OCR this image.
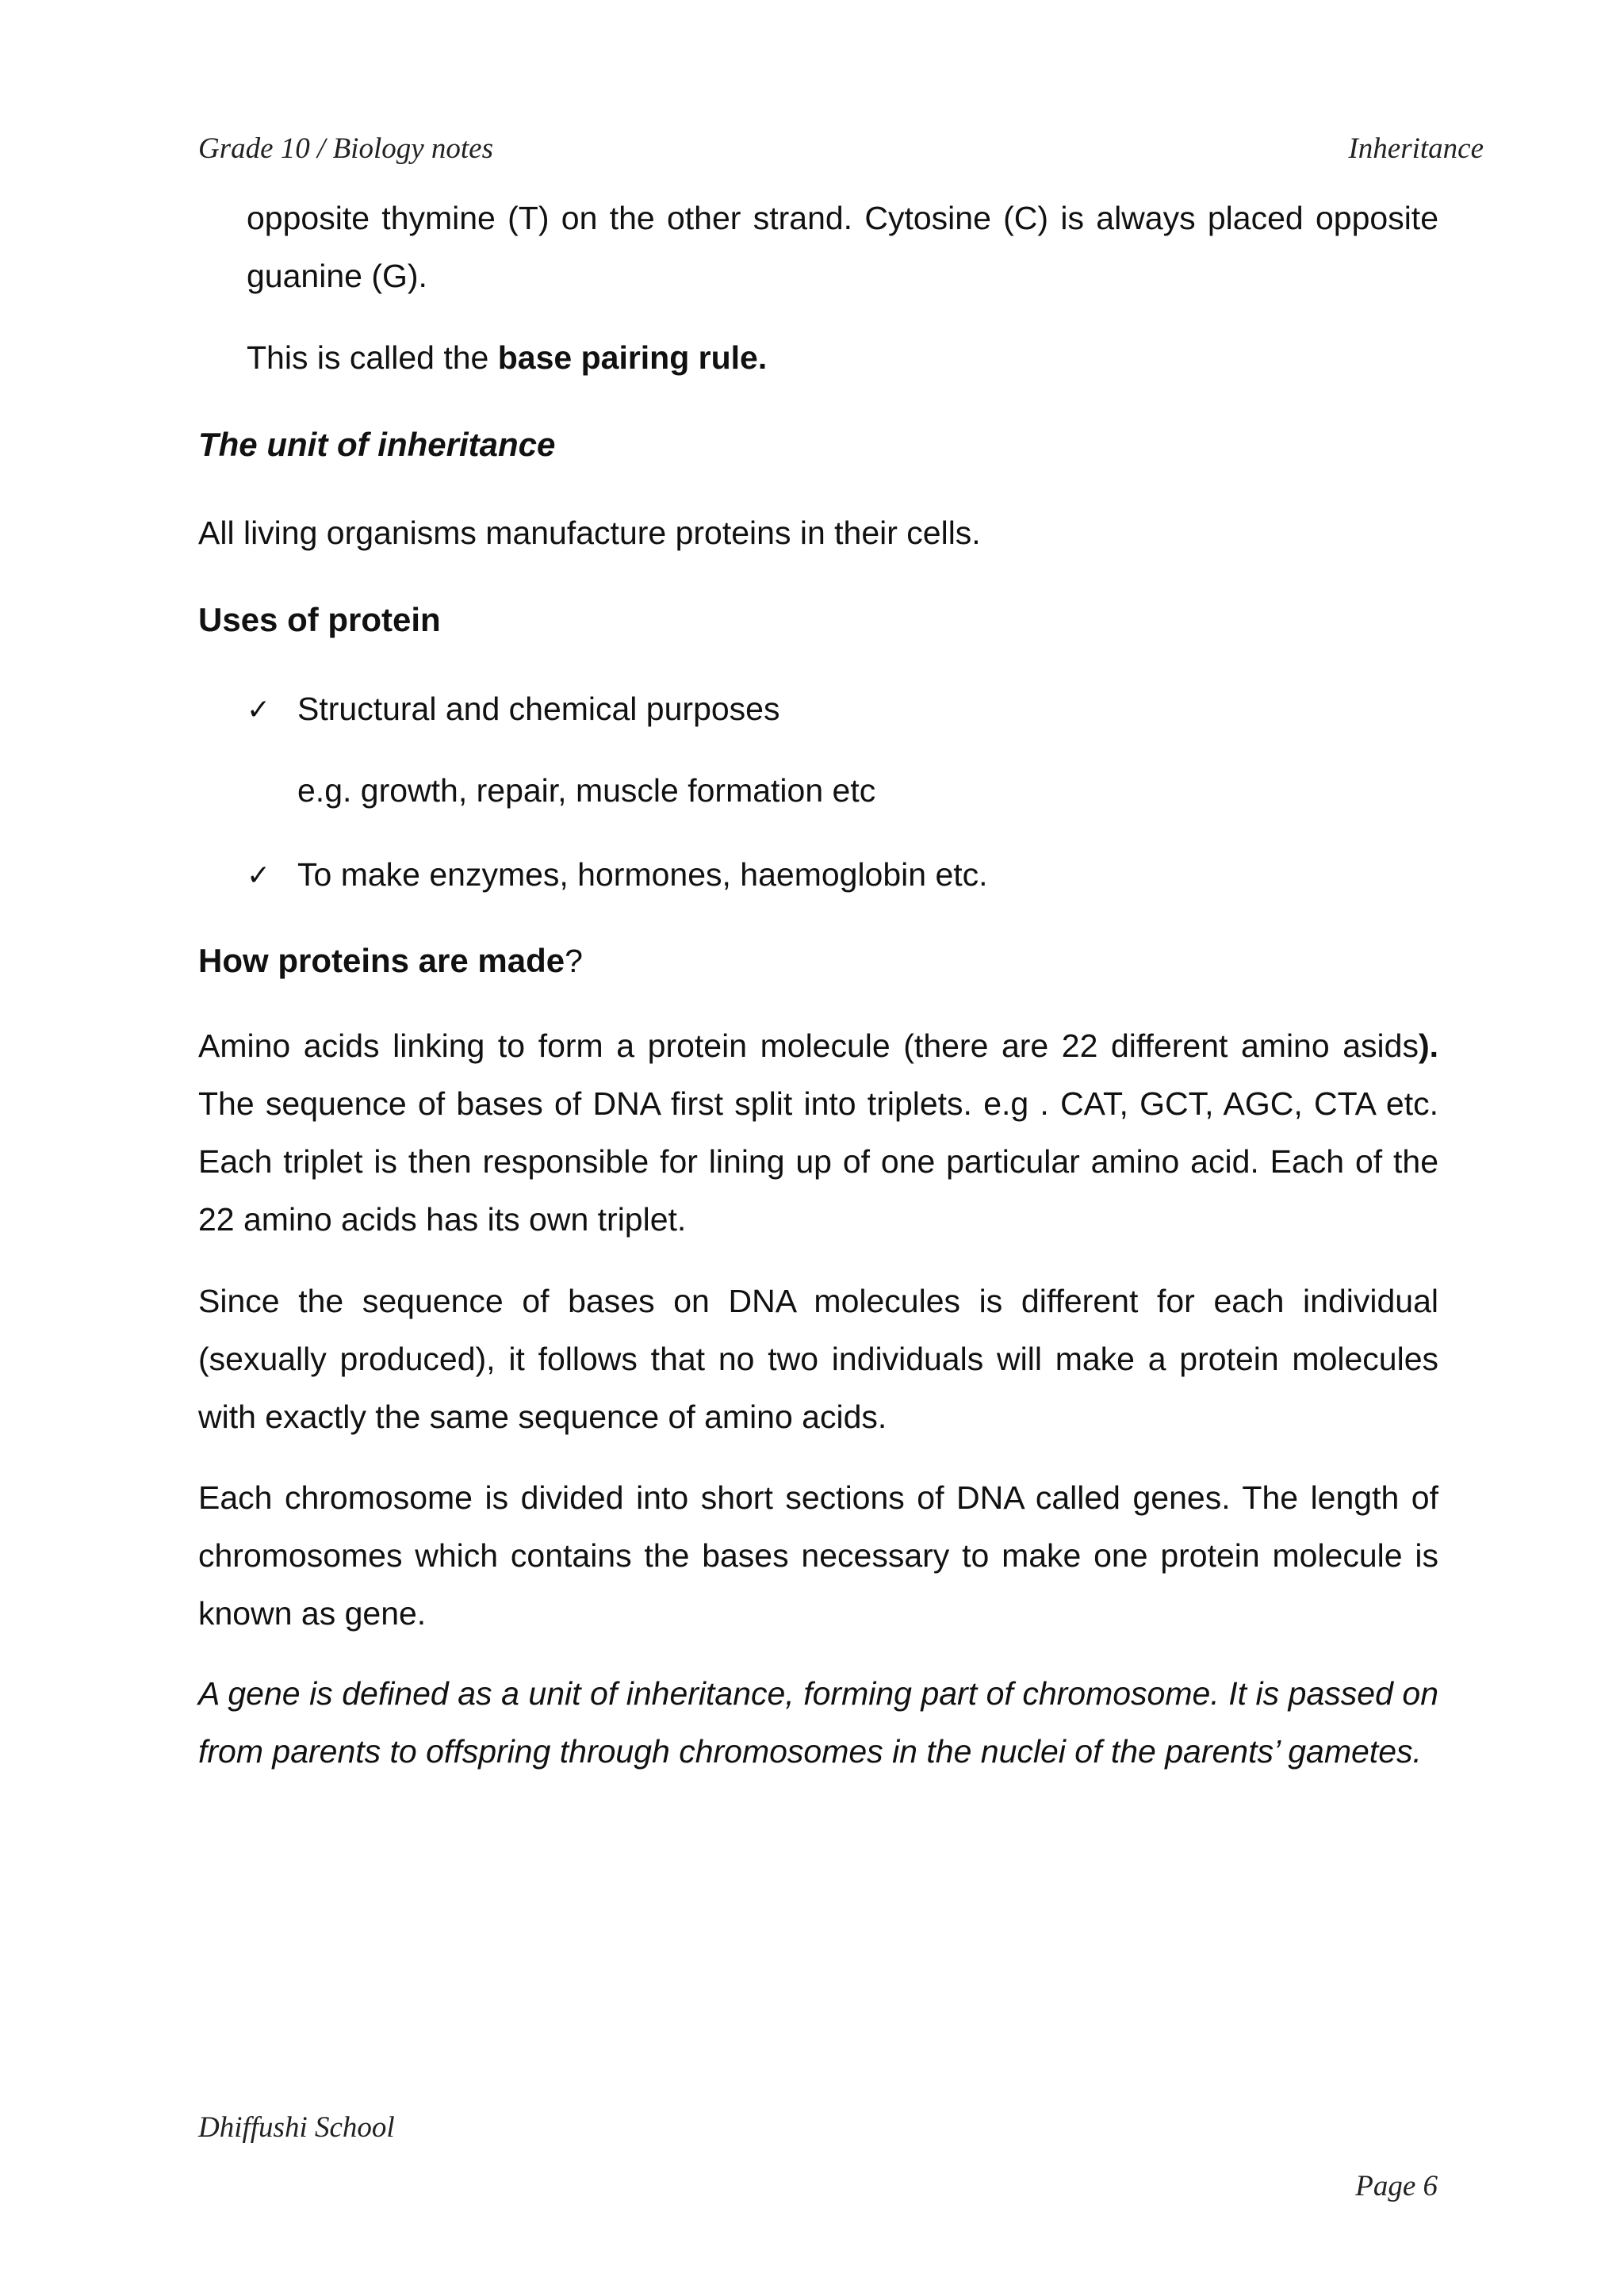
Grade 10 / Biology notes	Inheritance

opposite thymine (T) on the other strand. Cytosine (C) is always placed opposite guanine (G).

This is called the base pairing rule.

The unit of inheritance
All living organisms manufacture proteins in their cells.
Uses of protein
✓ Structural and chemical purposes
e.g. growth, repair, muscle formation etc
✓ To make enzymes, hormones, haemoglobin etc.
How proteins are made?

Amino acids linking to form a protein molecule (there are 22 different amino asids). The sequence of bases of DNA first split into triplets. e.g . CAT, GCT, AGC, CTA etc. Each triplet is then responsible for lining up of one particular amino acid. Each of the 22 amino acids has its own triplet.

Since the sequence of bases on DNA molecules is different for each individual (sexually produced), it follows that no two individuals will make a protein molecules with exactly the same sequence of amino acids.
Each chromosome is divided into short sections of DNA called genes. The length of chromosomes which contains the bases necessary to make one protein molecule is known as gene.
A gene is defined as a unit of inheritance, forming part of chromosome. It is passed on from parents to offspring through chromosomes in the nuclei of the parents’ gametes.
Dhiffushi School
Page 6
